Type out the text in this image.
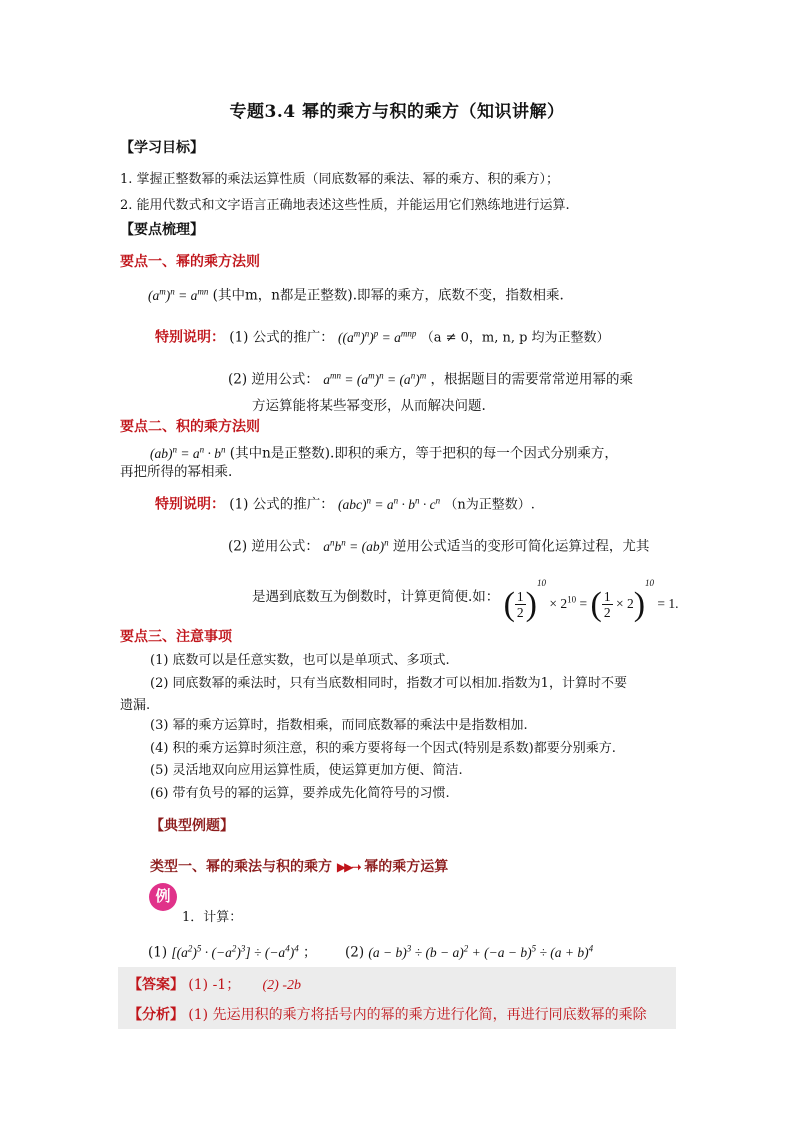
专题3.4 幂的乘方与积的乘方（知识讲解）
【学习目标】
1. 掌握正整数幂的乘法运算性质（同底数幂的乘法、幂的乘方、积的乘方）；
2. 能用代数式和文字语言正确地表述这些性质，并能运用它们熟练地进行运算.
【要点梳理】
要点一、幂的乘方法则
$(a^m)^n = a^{mn}$ (其中m，n都是正整数).即幂的乘方，底数不变，指数相乘.
特别说明： (1) 公式的推广： $((a^m)^n)^p = a^{mnp}$ （a ≠ 0，m, n, p 均为正整数）
(2) 逆用公式： $a^{mn} = (a^m)^n = (a^n)^m$ ，根据题目的需要常常逆用幂的乘
方运算能将某些幂变形，从而解决问题.
要点二、积的乘方法则
$(ab)^n = a^n \cdot b^n$ (其中n是正整数).即积的乘方，等于把积的每一个因式分别乘方，
再把所得的幂相乘.
特别说明： (1) 公式的推广： $(abc)^n = a^n \cdot b^n \cdot c^n$ （n为正整数）.
(2) 逆用公式： $a^nb^n = (ab)^n$ 逆用公式适当的变形可简化运算过程，尤其
是遇到底数互为倒数时，计算更简便.如： ( $\frac{1}{2} )^{10} \times 2^{10}$ = ( $\frac{1}{2} \times 2)^{10} = 1$.
要点三、注意事项
(1) 底数可以是任意实数，也可以是单项式、多项式.
(2) 同底数幂的乘法时，只有当底数相同时，指数才可以相加.指数为1，计算时不要
遗漏.
(3) 幂的乘方运算时，指数相乘，而同底数幂的乘法中是指数相加.
(4) 积的乘方运算时须注意，积的乘方要将每一个因式(特别是系数)都要分别乘方.
(5) 灵活地双向应用运算性质，使运算更加方便、简洁.
(6) 带有负号的幂的运算，要养成先化简符号的习惯.
【典型例题】
类型一、幂的乘法与积的乘方 ▶▶➝ 幂的乘方运算
例
1．计算：
(1) $[(a^2)^5 \cdot (-a^2)^3] \div (-a^4)^4$ ； (2) $(a - b)^3 \div (b - a)^2 + (-a - b)^5 \div (a + b)^4$
【答案】 (1) -1； (2) -2b
【分析】 (1) 先运用积的乘方将括号内的幂的乘方进行化简，再进行同底数幂的乘除
